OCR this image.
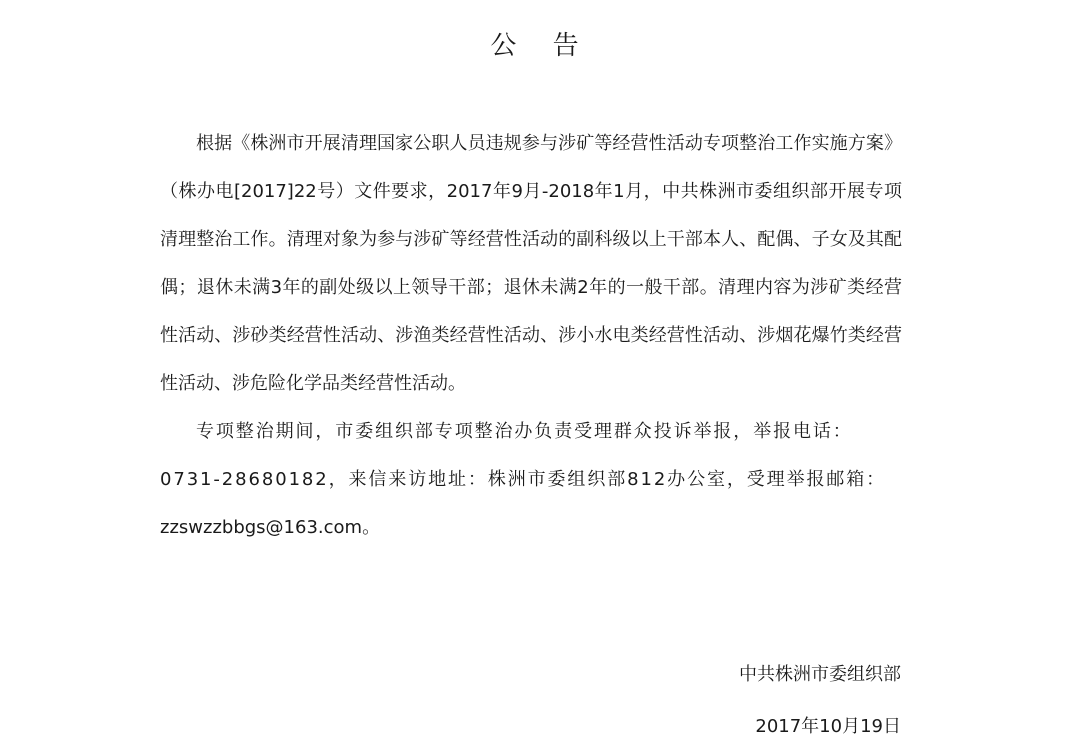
公 告

根据《株洲市开展清理国家公职人员违规参与涉矿等经营性活动专项整治工作实施方案》（株办电[2017]22号）文件要求，2017年9月-2018年1月，中共株洲市委组织部开展专项清理整治工作。清理对象为参与涉矿等经营性活动的副科级以上干部本人、配偶、子女及其配偶；退休未满3年的副处级以上领导干部；退休未满2年的一般干部。清理内容为涉矿类经营性活动、涉砂类经营性活动、涉渔类经营性活动、涉小水电类经营性活动、涉烟花爆竹类经营性活动、涉危险化学品类经营性活动。

专项整治期间，市委组织部专项整治办负责受理群众投诉举报，举报电话：
0731-28680182，来信来访地址：株洲市委组织部812办公室，受理举报邮箱：
zzswzzbbgs@163.com。

中共株洲市委组织部
2017年10月19日
